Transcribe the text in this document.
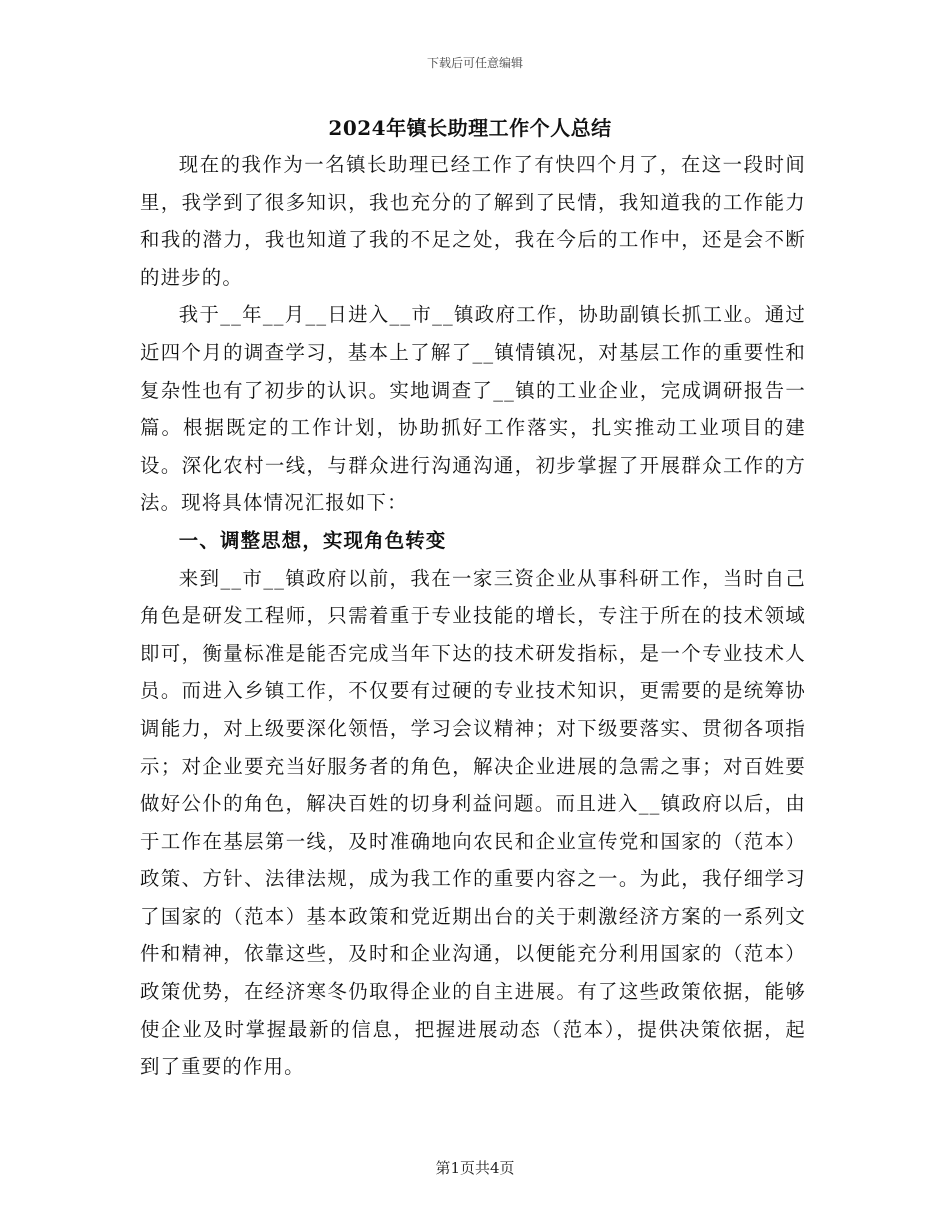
下载后可任意编辑
2024年镇长助理工作个人总结

现在的我作为一名镇长助理已经工作了有快四个月了，在这一段时间里，我学到了很多知识，我也充分的了解到了民情，我知道我的工作能力和我的潜力，我也知道了我的不足之处，我在今后的工作中，还是会不断的进步的。

我于__年__月__日进入__市__镇政府工作，协助副镇长抓工业。通过近四个月的调查学习，基本上了解了__镇情镇况，对基层工作的重要性和复杂性也有了初步的认识。实地调查了__镇的工业企业，完成调研报告一篇。根据既定的工作计划，协助抓好工作落实，扎实推动工业项目的建设。深化农村一线，与群众进行沟通沟通，初步掌握了开展群众工作的方法。现将具体情况汇报如下：

一、调整思想，实现角色转变

来到__市__镇政府以前，我在一家三资企业从事科研工作，当时自己角色是研发工程师，只需着重于专业技能的增长，专注于所在的技术领域即可，衡量标准是能否完成当年下达的技术研发指标，是一个专业技术人员。而进入乡镇工作，不仅要有过硬的专业技术知识，更需要的是统筹协调能力，对上级要深化领悟，学习会议精神；对下级要落实、贯彻各项指示；对企业要充当好服务者的角色，解决企业进展的急需之事；对百姓要做好公仆的角色，解决百姓的切身利益问题。而且进入__镇政府以后，由于工作在基层第一线，及时准确地向农民和企业宣传党和国家的（范本）政策、方针、法律法规，成为我工作的重要内容之一。为此，我仔细学习了国家的（范本）基本政策和党近期出台的关于刺激经济方案的一系列文件和精神，依靠这些，及时和企业沟通，以便能充分利用国家的（范本）政策优势，在经济寒冬仍取得企业的自主进展。有了这些政策依据，能够使企业及时掌握最新的信息，把握进展动态（范本），提供决策依据，起到了重要的作用。

第1页共4页
